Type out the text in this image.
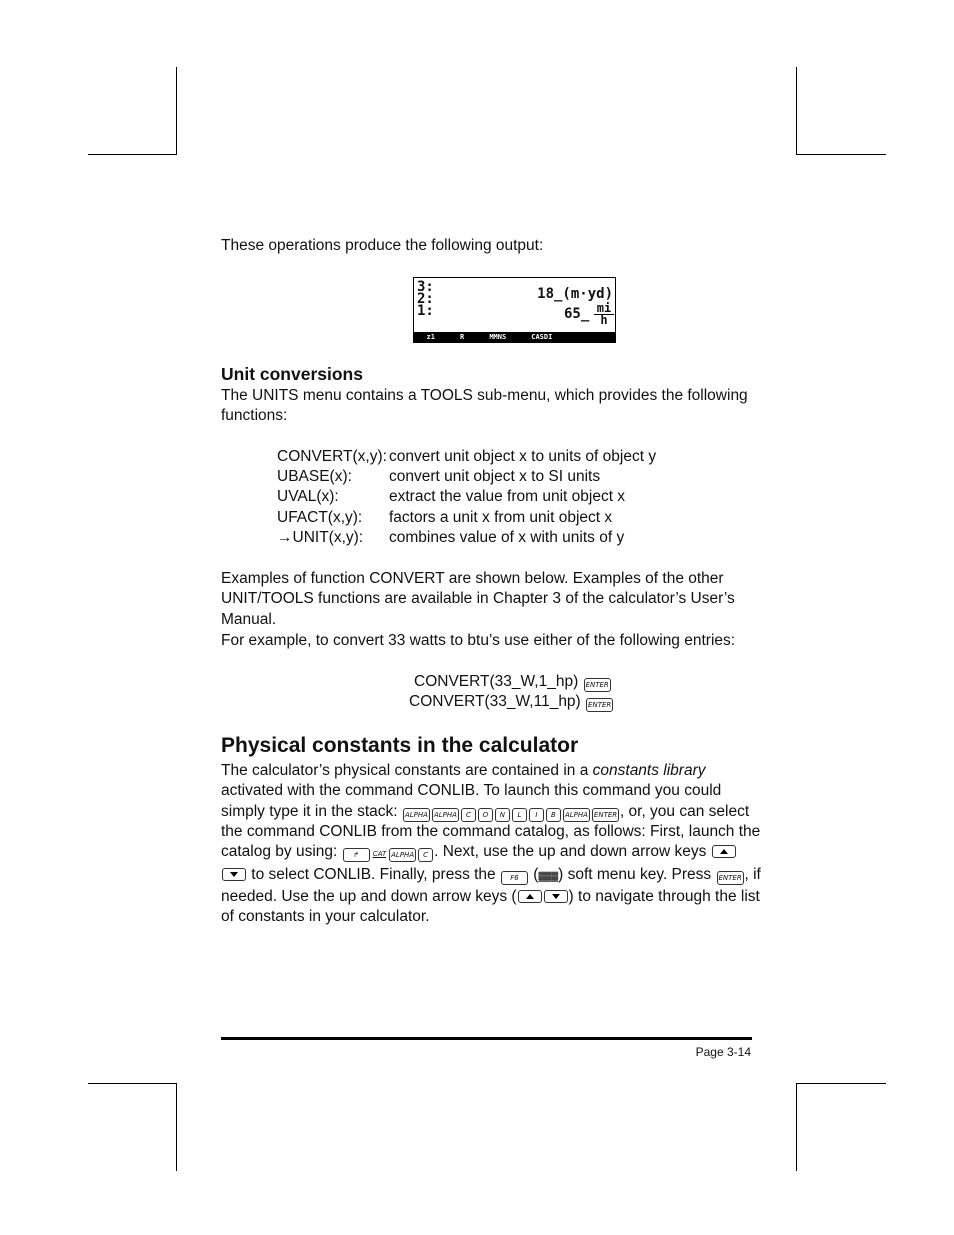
These operations produce the following output:
3:
2:
1:
18_(m·yd)
65_ $\frac{mi}{h}$
z1	R	MMNS	CASDI
Unit conversions
The UNITS menu contains a TOOLS sub-menu, which provides the following functions:
CONVERT(x,y): convert unit object x to units of object y
UBASE(x): convert unit object x to SI units
UVAL(x):	extract the value from unit object x
UFACT(x,y): factors a unit x from unit object x
→UNIT(x,y): combines value of x with units of y
Examples of function CONVERT are shown below. Examples of the other UNIT/TOOLS functions are available in Chapter 3 of the calculator’s User’s Manual.
For example, to convert 33 watts to btu’s use either of the following entries:
CONVERT(33_W,1_hp) ENTER
CONVERT(33_W,11_hp) ENTER
Physical constants in the calculator
The calculator’s physical constants are contained in a constants library activated with the command CONLIB. To launch this command you could simply type it in the stack: ALPHA ALPHA C O N L I B ALPHA ENTER , or, you can select the command CONLIB from the command catalog, as follows: First, launch the catalog by using: ↱ CAT ALPHA C . Next, use the up and down arrow keys  to select CONLIB. Finally, press the F6 (▓▓▓) soft menu key. Press ENTER , if needed. Use the up and down arrow keys (	) to navigate through the list of constants in your calculator.
Page 3-14
